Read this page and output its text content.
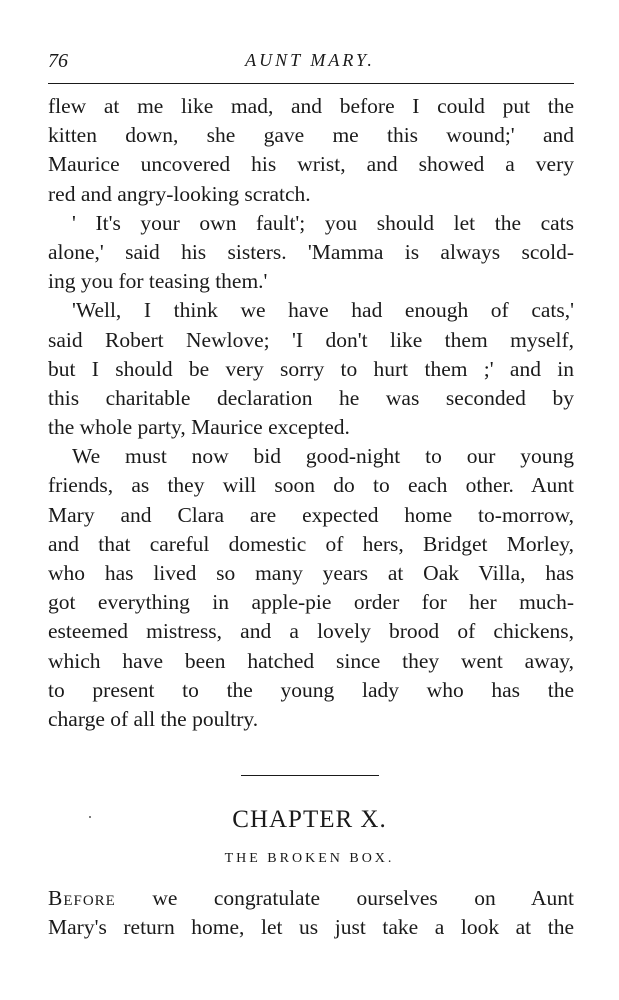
76	AUNT MARY.
flew at me like mad, and before I could put the
kitten down, she gave me this wound;' and
Maurice uncovered his wrist, and showed a very
red and angry-looking scratch.
' It's your own fault'; you should let the cats
alone,' said his sisters. 'Mamma is always scold-
ing you for teasing them.'
'Well, I think we have had enough of cats,'
said Robert Newlove; 'I don't like them myself,
but I should be very sorry to hurt them ;' and in
this charitable declaration he was seconded by
the whole party, Maurice excepted.
We must now bid good-night to our young
friends, as they will soon do to each other. Aunt
Mary and Clara are expected home to-morrow,
and that careful domestic of hers, Bridget Morley,
who has lived so many years at Oak Villa, has
got everything in apple-pie order for her much-
esteemed mistress, and a lovely brood of chickens,
which have been hatched since they went away,
to present to the young lady who has the
charge of all the poultry.
CHAPTER X.
THE BROKEN BOX.
Before we congratulate ourselves on Aunt
Mary's return home, let us just take a look at the
